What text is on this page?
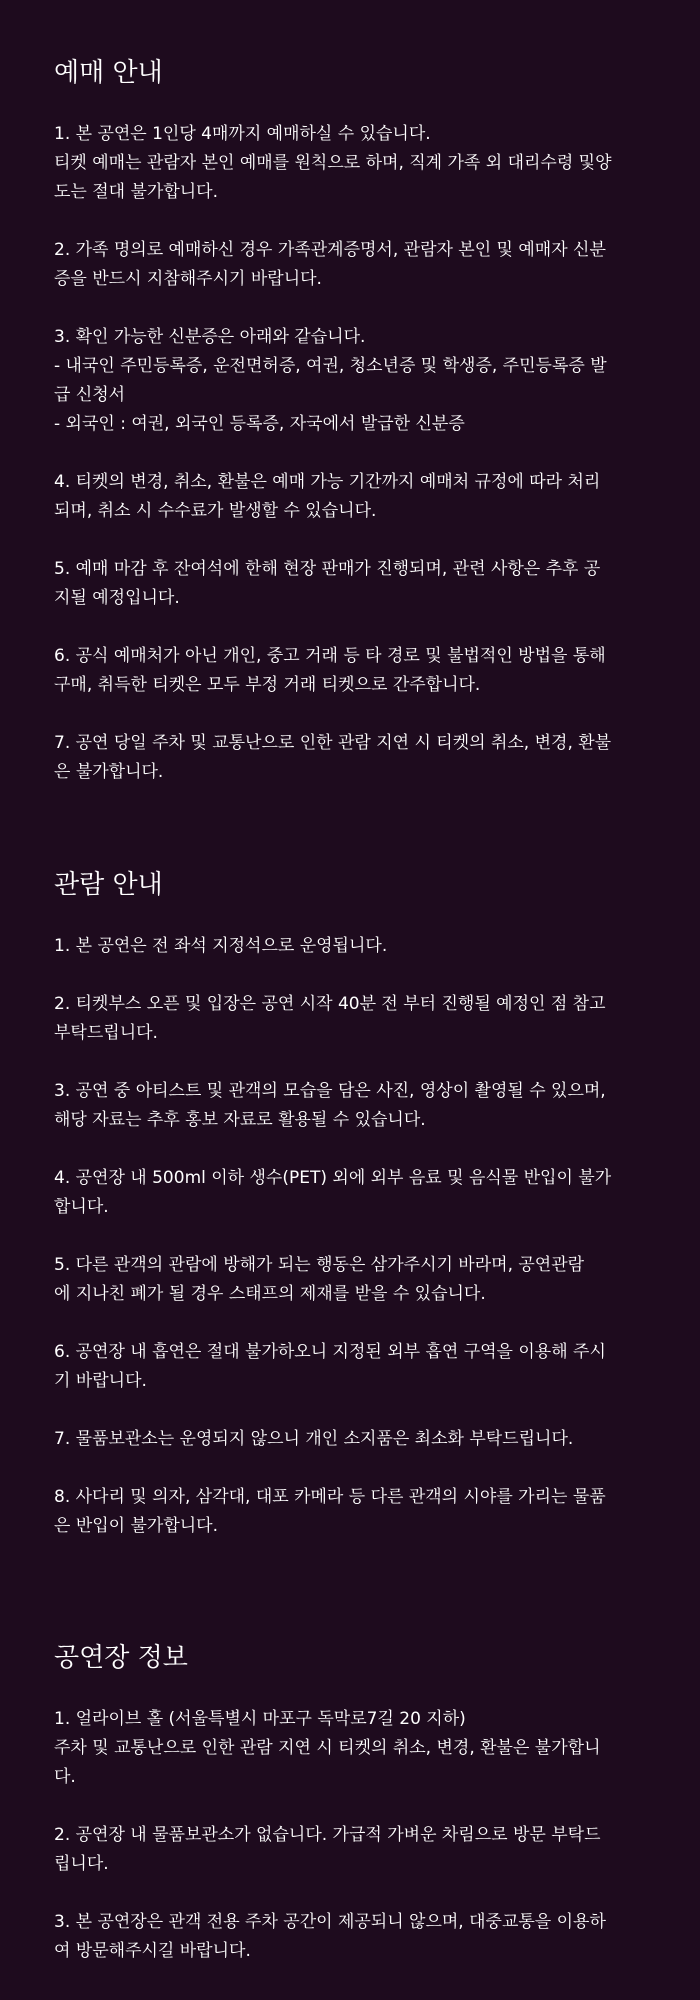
예매 안내

1. 본 공연은 1인당 4매까지 예매하실 수 있습니다.
티켓 예매는 관람자 본인 예매를 원칙으로 하며, 직계 가족 외 대리수령 및양
도는 절대 불가합니다.

2. 가족 명의로 예매하신 경우 가족관계증명서, 관람자 본인 및 예매자 신분
증을 반드시 지참해주시기 바랍니다.

3. 확인 가능한 신분증은 아래와 같습니다.
- 내국인 주민등록증, 운전면허증, 여권, 청소년증 및 학생증, 주민등록증 발
급 신청서
- 외국인 : 여권, 외국인 등록증, 자국에서 발급한 신분증

4. 티켓의 변경, 취소, 환불은 예매 가능 기간까지 예매처 규정에 따라 처리
되며, 취소 시 수수료가 발생할 수 있습니다.

5. 예매 마감 후 잔여석에 한해 현장 판매가 진행되며, 관련 사항은 추후 공
지될 예정입니다.

6. 공식 예매처가 아닌 개인, 중고 거래 등 타 경로 및 불법적인 방법을 통해
구매, 취득한 티켓은 모두 부정 거래 티켓으로 간주합니다.

7. 공연 당일 주차 및 교통난으로 인한 관람 지연 시 티켓의 취소, 변경, 환불
은 불가합니다.

관람 안내

1. 본 공연은 전 좌석 지정석으로 운영됩니다.

2. 티켓부스 오픈 및 입장은 공연 시작 40분 전 부터 진행될 예정인 점 참고
부탁드립니다.

3. 공연 중 아티스트 및 관객의 모습을 담은 사진, 영상이 촬영될 수 있으며,
해당 자료는 추후 홍보 자료로 활용될 수 있습니다.

4. 공연장 내 500ml 이하 생수(PET) 외에 외부 음료 및 음식물 반입이 불가
합니다.

5. 다른 관객의 관람에 방해가 되는 행동은 삼가주시기 바라며, 공연관람
에 지나친 폐가 될 경우 스태프의 제재를 받을 수 있습니다.

6. 공연장 내 흡연은 절대 불가하오니 지정된 외부 흡연 구역을 이용해 주시
기 바랍니다.

7. 물품보관소는 운영되지 않으니 개인 소지품은 최소화 부탁드립니다.

8. 사다리 및 의자, 삼각대, 대포 카메라 등 다른 관객의 시야를 가리는 물품
은 반입이 불가합니다.

공연장 정보

1. 얼라이브 홀 (서울특별시 마포구 독막로7길 20 지하)
주차 및 교통난으로 인한 관람 지연 시 티켓의 취소, 변경, 환불은 불가합니
다.

2. 공연장 내 물품보관소가 없습니다. 가급적 가벼운 차림으로 방문 부탁드
립니다.

3. 본 공연장은 관객 전용 주차 공간이 제공되니 않으며, 대중교통을 이용하
여 방문해주시길 바랍니다.
